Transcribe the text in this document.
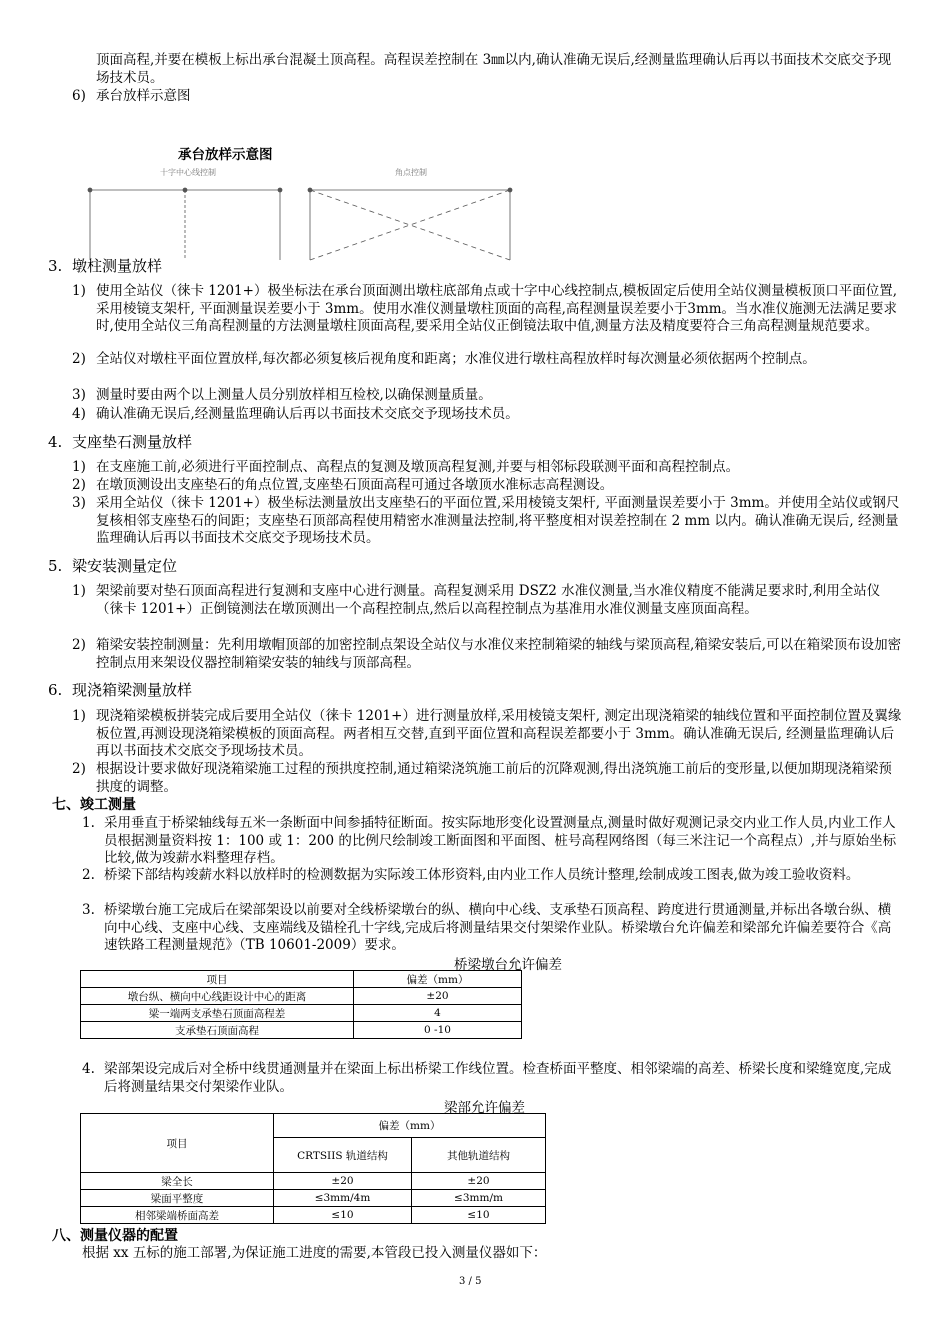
顶面高程,并要在模板上标出承台混凝土顶高程。高程误差控制在 3㎜以内,确认准确无误后,经测量监理确认后再以书面技术交底交予现场技术员。
6) 承台放样示意图
承台放样示意图
十字中心线控制	角点控制
3. 墩柱测量放样
1) 使用全站仪（徕卡 1201+）极坐标法在承台顶面测出墩柱底部角点或十字中心线控制点,模板固定后使用全站仪测量模板顶口平面位置,采用棱镜支架杆, 平面测量误差要小于 3mm。使用水准仪测量墩柱顶面的高程,高程测量误差要小于3mm。当水准仪施测无法满足要求时,使用全站仪三角高程测量的方法测量墩柱顶面高程,要采用全站仪正倒镜法取中值,测量方法及精度要符合三角高程测量规范要求。
2) 全站仪对墩柱平面位置放样,每次都必须复核后视角度和距离；水准仪进行墩柱高程放样时每次测量必须依据两个控制点。
3) 测量时要由两个以上测量人员分别放样相互检校,以确保测量质量。
4) 确认准确无误后,经测量监理确认后再以书面技术交底交予现场技术员。
4. 支座垫石测量放样
1) 在支座施工前,必须进行平面控制点、高程点的复测及墩顶高程复测,并要与相邻标段联测平面和高程控制点。
2) 在墩顶测设出支座垫石的角点位置,支座垫石顶面高程可通过各墩顶水准标志高程测设。
3) 采用全站仪（徕卡 1201+）极坐标法测量放出支座垫石的平面位置,采用棱镜支架杆, 平面测量误差要小于 3mm。并使用全站仪或钢尺复核相邻支座垫石的间距；支座垫石顶部高程使用精密水准测量法控制,将平整度相对误差控制在 2 mm 以内。确认准确无误后, 经测量监理确认后再以书面技术交底交予现场技术员。
5. 梁安装测量定位
1) 架梁前要对垫石顶面高程进行复测和支座中心进行测量。高程复测采用 DSZ2 水准仪测量,当水准仪精度不能满足要求时,利用全站仪（徕卡 1201+）正倒镜测法在墩顶测出一个高程控制点,然后以高程控制点为基准用水准仪测量支座顶面高程。
2) 箱梁安装控制测量：先利用墩帽顶部的加密控制点架设全站仪与水准仪来控制箱梁的轴线与梁顶高程,箱梁安装后,可以在箱梁顶布设加密控制点用来架设仪器控制箱梁安装的轴线与顶部高程。
6. 现浇箱梁测量放样
1) 现浇箱梁模板拼装完成后要用全站仪（徕卡 1201+）进行测量放样,采用棱镜支架杆, 测定出现浇箱梁的轴线位置和平面控制位置及翼缘板位置,再测设现浇箱梁模板的顶面高程。两者相互交替,直到平面位置和高程误差都要小于 3mm。确认准确无误后, 经测量监理确认后再以书面技术交底交予现场技术员。
2) 根据设计要求做好现浇箱梁施工过程的预拱度控制,通过箱梁浇筑施工前后的沉降观测,得出浇筑施工前后的变形量,以便加期现浇箱梁预拱度的调整。
七、竣工测量
1. 采用垂直于桥梁轴线每五米一条断面中间参插特征断面。按实际地形变化设置测量点,测量时做好观测记录交内业工作人员,内业工作人员根据测量资料按 1：100 或 1：200 的比例尺绘制竣工断面图和平面图、桩号高程网络图（每三米注记一个高程点）,并与原始坐标比较,做为竣薪水料整理存档。
2. 桥梁下部结构竣薪水料以放样时的检测数据为实际竣工体形资料,由内业工作人员统计整理,绘制成竣工图表,做为竣工验收资料。
3. 桥梁墩台施工完成后在梁部架设以前要对全线桥梁墩台的纵、横向中心线、支承垫石顶高程、跨度进行贯通测量,并标出各墩台纵、横向中心线、支座中心线、支座端线及锚栓孔十字线,完成后将测量结果交付架梁作业队。桥梁墩台允许偏差和梁部允许偏差要符合《高速铁路工程测量规范》（TB 10601-2009）要求。
桥梁墩台允许偏差
项目	偏差（mm）
墩台纵、横向中心线距设计中心的距离	±20
梁一端两支承垫石顶面高程差	4
支承垫石顶面高程	0 -10
4. 梁部架设完成后对全桥中线贯通测量并在梁面上标出桥梁工作线位置。检查桥面平整度、相邻梁端的高差、桥梁长度和梁缝宽度,完成后将测量结果交付架梁作业队。
梁部允许偏差
项目	偏差（mm）	
	CRTSIIS 轨道结构	其他轨道结构
梁全长	±20	±20
梁面平整度	≤3mm/4m	≤3mm/m
相邻梁端桥面高差	≤10	≤10
八、测量仪器的配置
根据 xx 五标的施工部署,为保证施工进度的需要,本管段已投入测量仪器如下：
3 / 5
